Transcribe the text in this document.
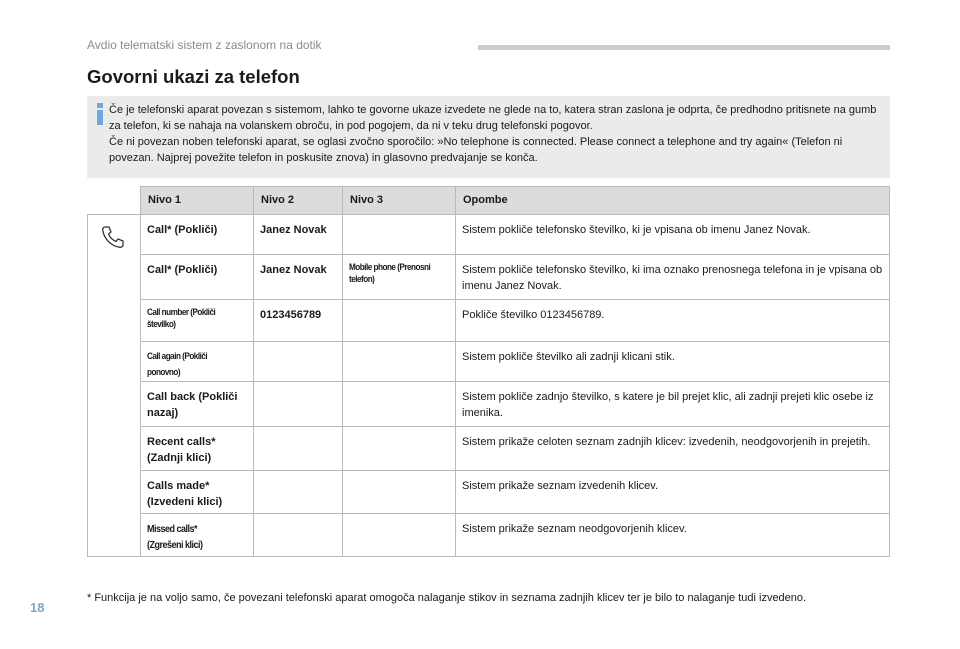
Avdio telematski sistem z zaslonom na dotik
Govorni ukazi za telefon

Če je telefonski aparat povezan s sistemom, lahko te govorne ukaze izvedete ne glede na to, katera stran zaslona je odprta, če predhodno pritisnete na gumb za telefon, ki se nahaja na volanskem obroču, in pod pogojem, da ni v teku drug telefonski pogovor.

Če ni povezan noben telefonski aparat, se oglasi zvočno sporočilo: »No telephone is connected. Please connect a telephone and try again« (Telefon ni povezan. Najprej povežite telefon in poskusite znova) in glasovno predvajanje se konča.

	Nivo 1	Nivo 2	Nivo 3	Opombe
	Call* (Pokliči)	Janez Novak		Sistem pokliče telefonsko številko, ki je vpisana ob imenu Janez Novak.
	Call* (Pokliči)	Janez Novak	Mobile phone (Prenosni telefon)	Sistem pokliče telefonsko številko, ki ima oznako prenosnega telefona in je vpisana ob imenu Janez Novak.
	Call number (Pokliči številko)	0123456789		Pokliče številko 0123456789.
	Call again (Pokliči ponovno)			Sistem pokliče številko ali zadnji klicani stik.
	Call back (Pokliči nazaj)			Sistem pokliče zadnjo številko, s katere je bil prejet klic, ali zadnji prejeti klic osebe iz imenika.
	Recent calls* (Zadnji klici)			Sistem prikaže celoten seznam zadnjih klicev: izvedenih, neodgovorjenih in prejetih.
	Calls made* (Izvedeni klici)			Sistem prikaže seznam izvedenih klicev.
	Missed calls* (Zgrešeni klici)			Sistem prikaže seznam neodgovorjenih klicev.
* Funkcija je na voljo samo, če povezani telefonski aparat omogoča nalaganje stikov in seznama zadnjih klicev ter je bilo to nalaganje tudi izvedeno.
18
